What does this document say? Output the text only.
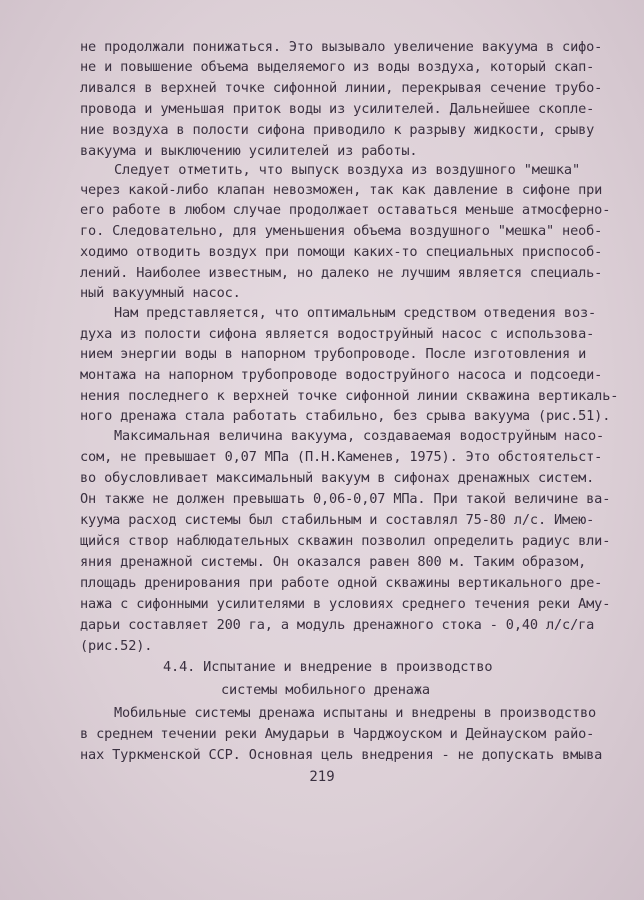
не продолжали понижаться. Это вызывало увеличение вакуума в сифо-
не и повышение объема выделяемого из воды воздуха, который скап-
ливался в верхней точке сифонной линии, перекрывая сечение трубо-
провода и уменьшая приток воды из усилителей. Дальнейшее скопле-
ние воздуха в полости сифона приводило к разрыву жидкости, срыву
вакуума и выключению усилителей из работы.
Следует отметить, что выпуск воздуха из воздушного "мешка"
через какой-либо клапан невозможен, так как давление в сифоне при
его работе в любом случае продолжает оставаться меньше атмосферно-
го. Следовательно, для уменьшения объема воздушного "мешка" необ-
ходимо отводить воздух при помощи каких-то специальных приспособ-
лений. Наиболее известным, но далеко не лучшим является специаль-
ный вакуумный насос.
Нам представляется, что оптимальным средством отведения воз-
духа из полости сифона является водоструйный насос с использова-
нием энергии воды в напорном трубопроводе. После изготовления и
монтажа на напорном трубопроводе водоструйного насоса и подсоеди-
нения последнего к верхней точке сифонной линии скважина вертикаль-
ного дренажа стала работать стабильно, без срыва вакуума (рис.51).
Максимальная величина вакуума, создаваемая водоструйным насо-
сом, не превышает 0,07 МПа (П.Н.Каменев, 1975). Это обстоятельст-
во обусловливает максимальный вакуум в сифонах дренажных систем.
Он также не должен превышать 0,06-0,07 МПа. При такой величине ва-
куума расход системы был стабильным и составлял 75-80 л/с. Имею-
щийся створ наблюдательных скважин позволил определить радиус вли-
яния дренажной системы. Он оказался равен 800 м. Таким образом,
площадь дренирования при работе одной скважины вертикального дре-
нажа с сифонными усилителями в условиях среднего течения реки Аму-
дарьи составляет 200 га, а модуль дренажного стока - 0,40 л/с/га
(рис.52).
4.4. Испытание и внедрение в производство
системы мобильного дренажа
Мобильные системы дренажа испытаны и внедрены в производство
в среднем течении реки Амударьи в Чарджоуском и Дейнауском райо-
нах Туркменской ССР. Основная цель внедрения - не допускать вмыва
219
